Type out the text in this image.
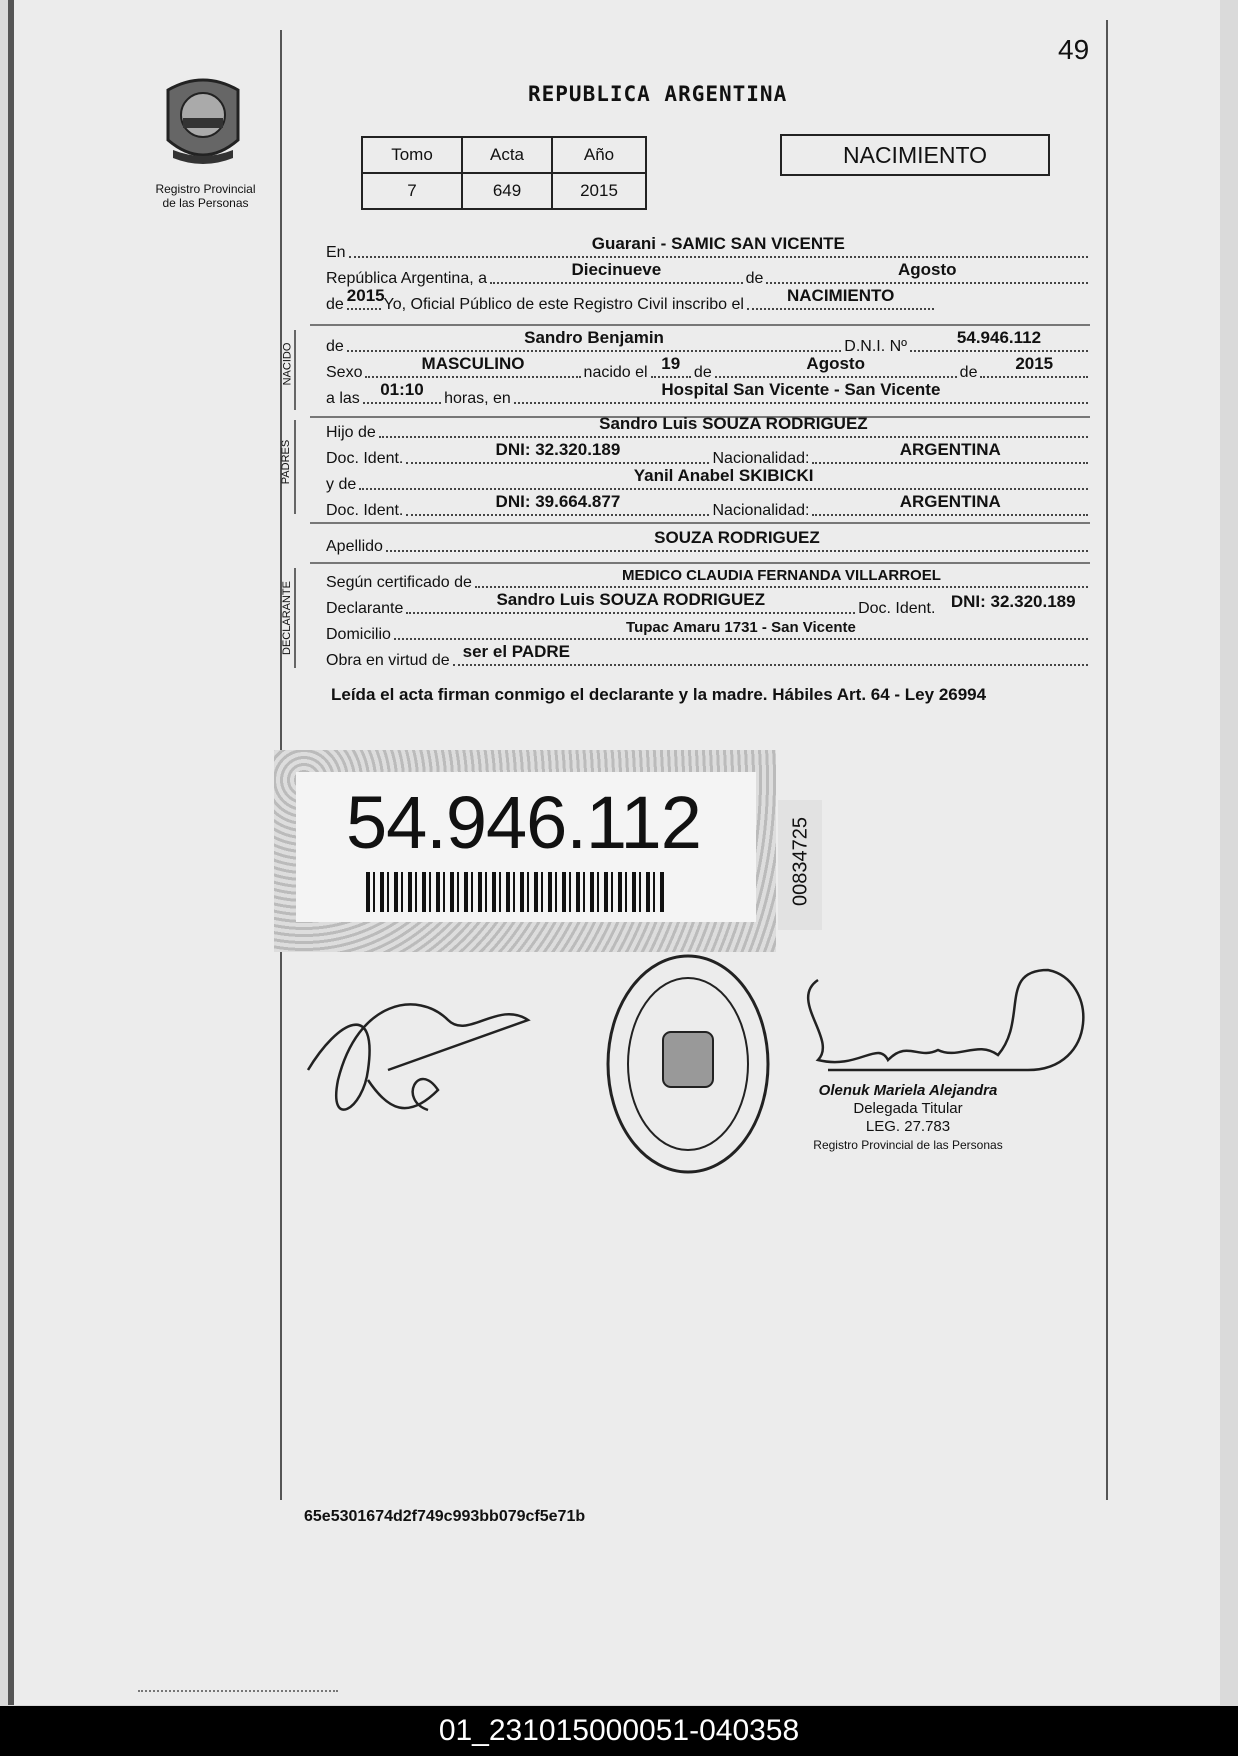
49
Registro Provincial de las Personas
REPUBLICA ARGENTINA
Tomo	Acta	Año
7	649	2015
NACIMIENTO
En	Guarani - SAMIC SAN VICENTE
República Argentina, a	Diecinueve	de	Agosto
de 2015
Yo, Oficial Público de este Registro Civil inscribo el	NACIMIENTO
NACIDO de	Sandro Benjamin	D.N.I. Nº	54.946.112
Sexo	MASCULINO	nacido el 19 de	Agosto	de	2015
a las	01:10	horas, en	Hospital San Vicente - San Vicente
PADRES
Hijo de	Sandro Luis SOUZA RODRIGUEZ
Doc. Ident.	DNI: 32.320.189	Nacionalidad:	ARGENTINA
y de	Yanil Anabel SKIBICKI
Doc. Ident.	DNI: 39.664.877	Nacionalidad:	ARGENTINA
Apellido	SOUZA RODRIGUEZ
DECLARANTE Según certificado de	MEDICO CLAUDIA FERNANDA VILLARROEL
Declarante	Sandro Luis SOUZA RODRIGUEZ	Doc. Ident. DNI: 32.320.189
Domicilio	Tupac Amaru 1731 - San Vicente
Obra en virtud de ser el PADRE
Leída el acta firman conmigo el declarante y la madre. Hábiles Art. 64 - Ley 26994
54.946.112	00834725
Olenuk Mariela Alejandra
Delegada Titular
LEG. 27.783
Registro Provincial de las Personas
65e5301674d2f749c993bb079cf5e71b
01_231015000051-040358
